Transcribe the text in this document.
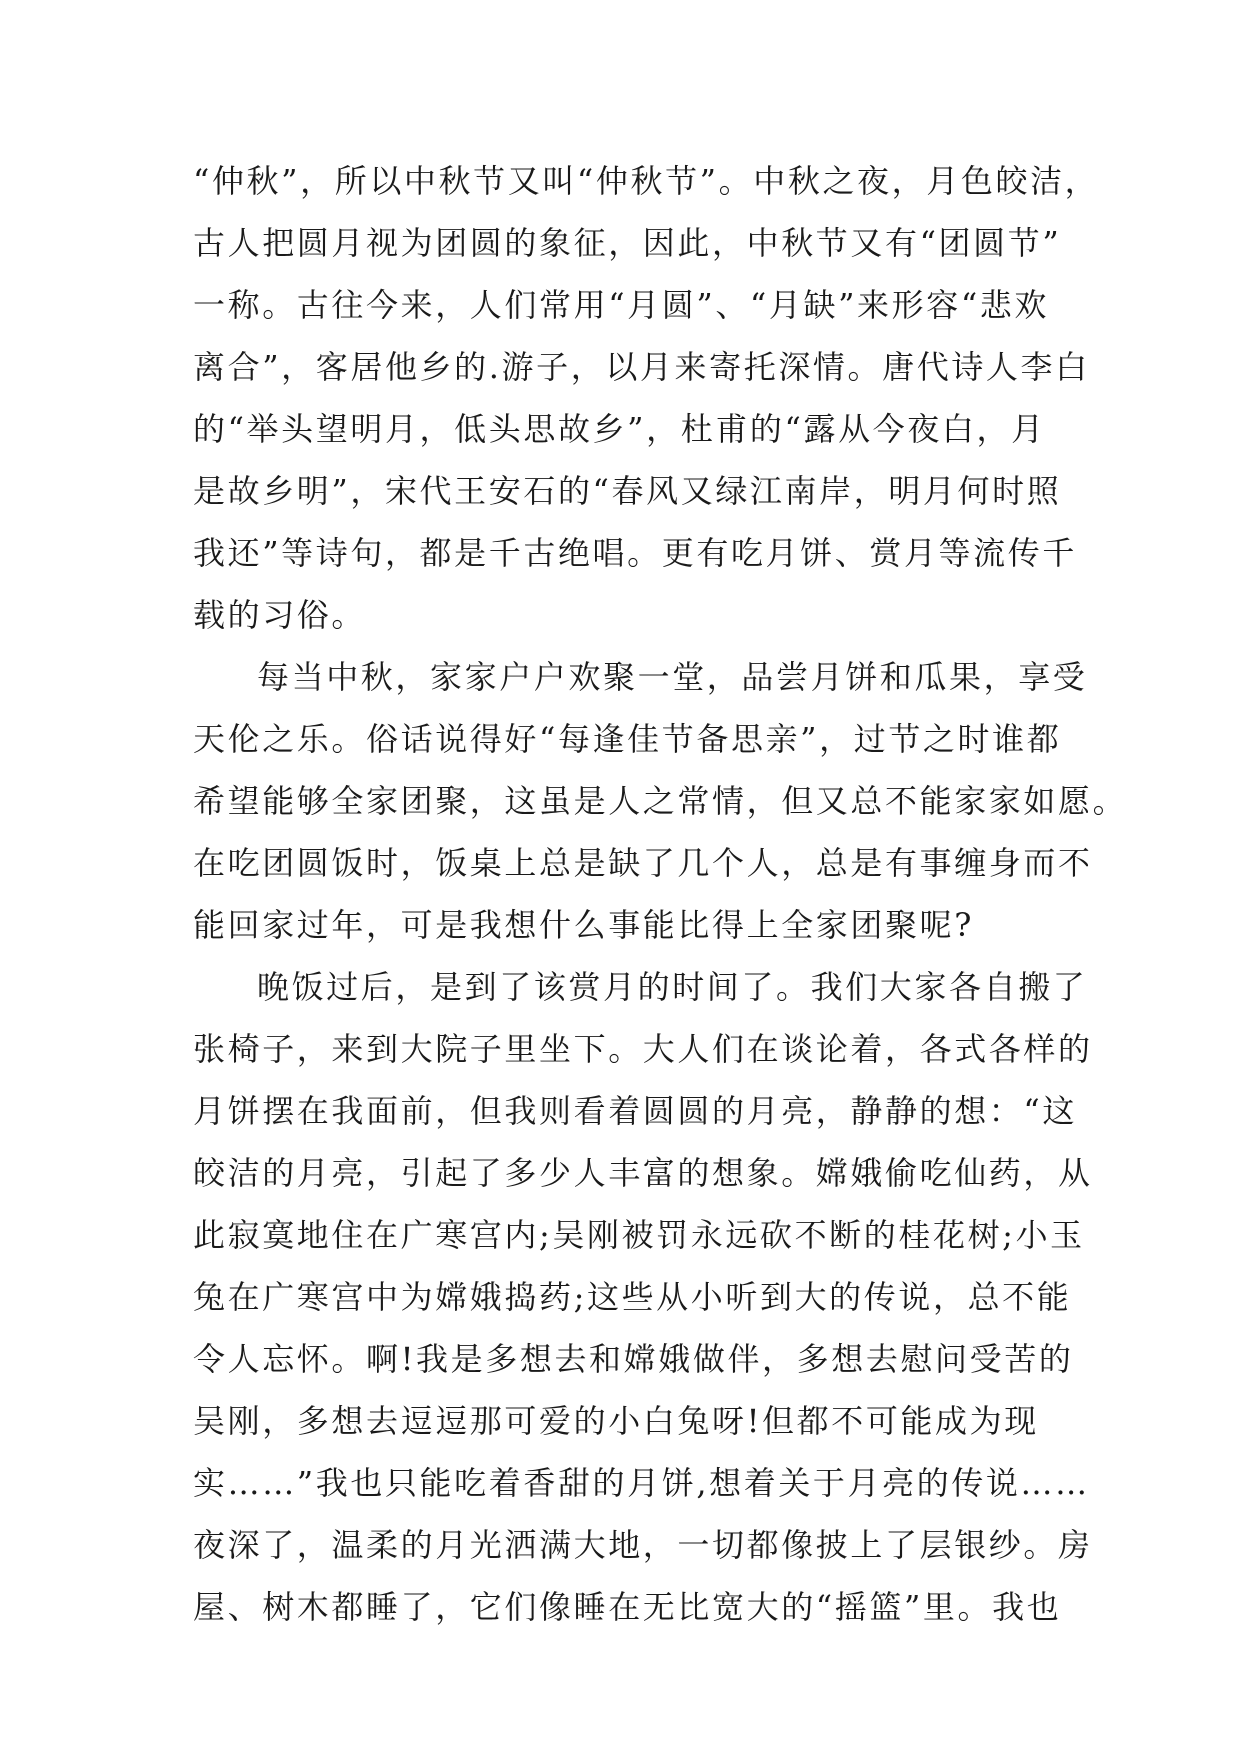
“仲秋”，所以中秋节又叫“仲秋节”。中秋之夜，月色皎洁，
古人把圆月视为团圆的象征，因此，中秋节又有“团圆节”
一称。古往今来，人们常用“月圆”、“月缺”来形容“悲欢
离合”，客居他乡的.游子，以月来寄托深情。唐代诗人李白
的“举头望明月，低头思故乡”，杜甫的“露从今夜白，月
是故乡明”，宋代王安石的“春风又绿江南岸，明月何时照
我还”等诗句，都是千古绝唱。更有吃月饼、赏月等流传千
载的习俗。
每当中秋，家家户户欢聚一堂，品尝月饼和瓜果，享受
天伦之乐。俗话说得好“每逢佳节备思亲”，过节之时谁都
希望能够全家团聚，这虽是人之常情，但又总不能家家如愿。
在吃团圆饭时，饭桌上总是缺了几个人，总是有事缠身而不
能回家过年，可是我想什么事能比得上全家团聚呢?
晚饭过后，是到了该赏月的时间了。我们大家各自搬了
张椅子，来到大院子里坐下。大人们在谈论着，各式各样的
月饼摆在我面前，但我则看着圆圆的月亮，静静的想：“这
皎洁的月亮，引起了多少人丰富的想象。嫦娥偷吃仙药，从
此寂寞地住在广寒宫内;吴刚被罚永远砍不断的桂花树;小玉
兔在广寒宫中为嫦娥捣药;这些从小听到大的传说，总不能
令人忘怀。啊!我是多想去和嫦娥做伴，多想去慰问受苦的
吴刚，多想去逗逗那可爱的小白兔呀!但都不可能成为现
实……”我也只能吃着香甜的月饼,想着关于月亮的传说……
夜深了，温柔的月光洒满大地，一切都像披上了层银纱。房
屋、树木都睡了，它们像睡在无比宽大的“摇篮”里。我也
